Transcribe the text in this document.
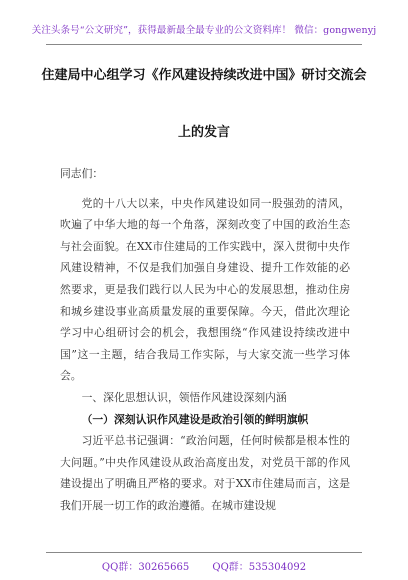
关注头条号“公文研究”，获得最新最全最专业的公文资料库！ 微信：gongwenyj
住建局中心组学习《作风建设持续改进中国》研讨交流会
上的发言

同志们：

党的十八大以来，中央作风建设如同一股强劲的清风，吹遍了中华大地的每一个角落，深刻改变了中国的政治生态与社会面貌。在XX市住建局的工作实践中，深入贯彻中央作风建设精神，不仅是我们加强自身建设、提升工作效能的必然要求，更是我们践行以人民为中心的发展思想，推动住房和城乡建设事业高质量发展的重要保障。今天，借此次理论学习中心组研讨会的机会，我想围绕“作风建设持续改进中国”这一主题，结合我局工作实际，与大家交流一些学习体会。

一、深化思想认识，领悟作风建设深刻内涵

（一）深刻认识作风建设是政治引领的鲜明旗帜

习近平总书记强调：“政治问题，任何时候都是根本性的大问题。”中央作风建设从政治高度出发，对党员干部的作风建设提出了明确且严格的要求。对于XX市住建局而言，这是我们开展一切工作的政治遵循。在城市建设规

QQ群：30265665 QQ群：535304092
